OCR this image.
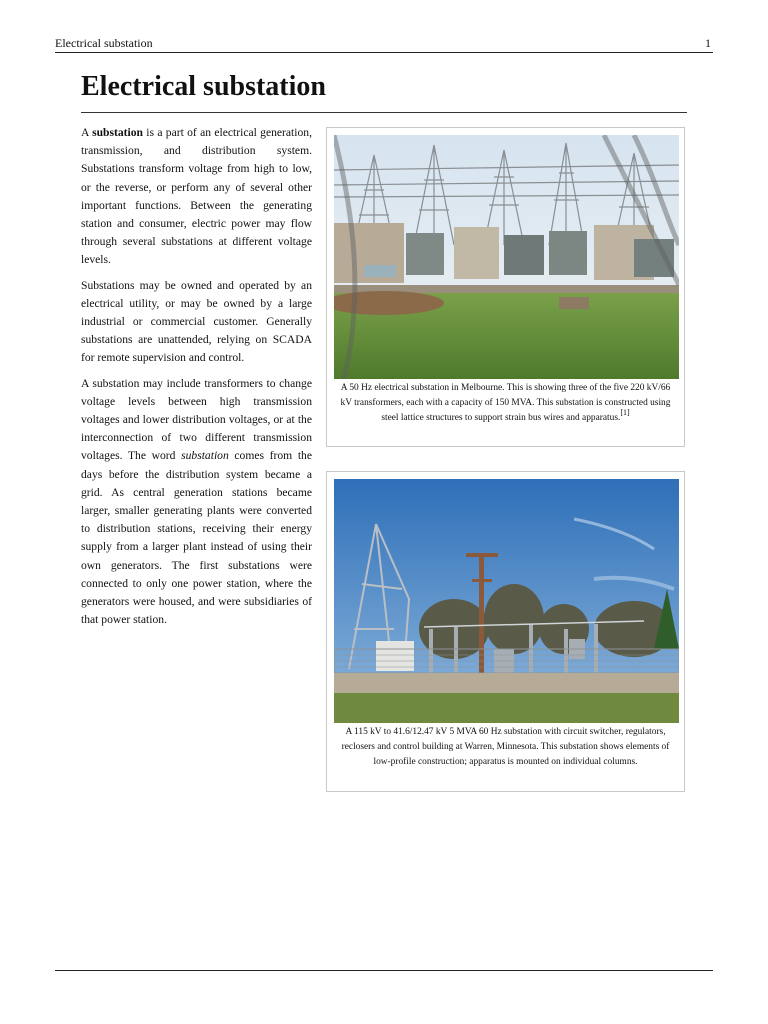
Electrical substation	1
Electrical substation

A substation is a part of an electrical generation, transmission, and distribution system. Substations transform voltage from high to low, or the reverse, or perform any of several other important functions. Between the generating station and consumer, electric power may flow through several substations at different voltage levels.

Substations may be owned and operated by an electrical utility, or may be owned by a large industrial or commercial customer. Generally substations are unattended, relying on SCADA for remote supervision and control.

A substation may include transformers to change voltage levels between high transmission voltages and lower distribution voltages, or at the interconnection of two different transmission voltages. The word substation comes from the days before the distribution system became a grid. As central generation stations became larger, smaller generating plants were converted to distribution stations, receiving their energy supply from a larger plant instead of using their own generators. The first substations were connected to only one power station, where the generators were housed, and were subsidiaries of that power station.

A 50 Hz electrical substation in Melbourne. This is showing three of the five 220 kV/66 kV transformers, each with a capacity of 150 MVA. This substation is constructed using steel lattice structures to support strain bus wires and apparatus.[1]
A 115 kV to 41.6/12.47 kV 5 MVA 60 Hz substation with circuit switcher, regulators, reclosers and control building at Warren, Minnesota. This substation shows elements of low-profile construction; apparatus is mounted on individual columns.
